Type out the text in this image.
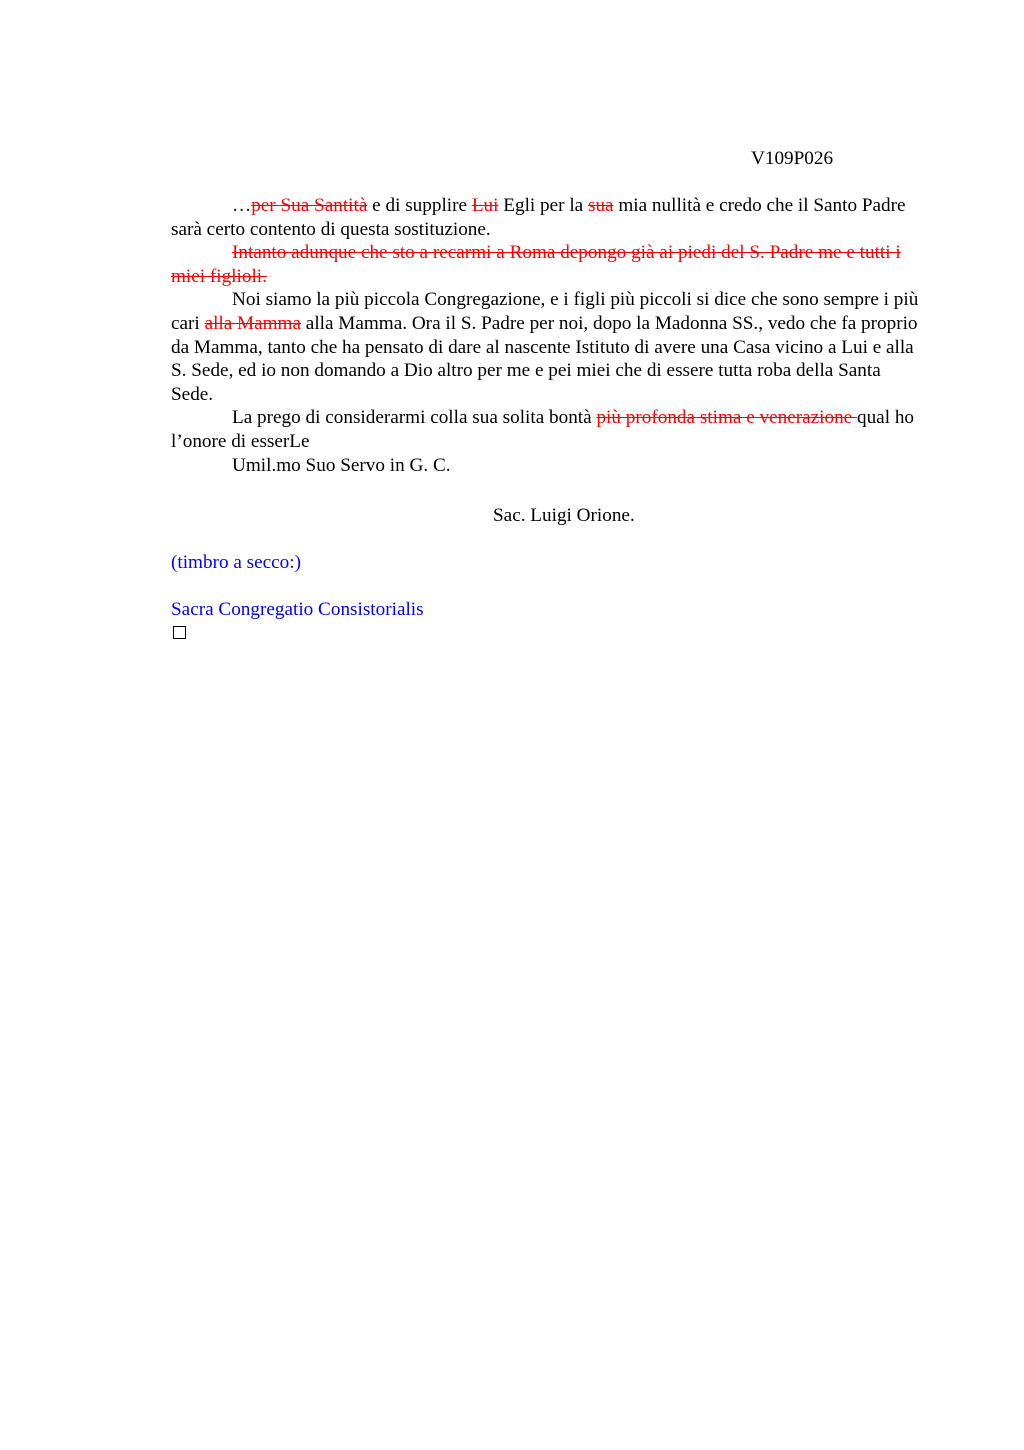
V109P026

…per Sua Santità e di supplire Lui Egli per la sua mia nullità e credo che il Santo Padre sarà certo contento di questa sostituzione.

Intanto adunque che sto a recarmi a Roma depongo già ai piedi del S. Padre me e tutti i miei figlioli.

Noi siamo la più piccola Congregazione, e i figli più piccoli si dice che sono sempre i più cari alla Mamma alla Mamma. Ora il S. Padre per noi, dopo la Madonna SS., vedo che fa proprio da Mamma, tanto che ha pensato di dare al nascente Istituto di avere una Casa vicino a Lui e alla S. Sede, ed io non domando a Dio altro per me e pei miei che di essere tutta roba della Santa Sede.

La prego di considerarmi colla sua solita bontà più profonda stima e venerazione qual ho l’onore di esserLe

Umil.mo Suo Servo in G. C.

Sac. Luigi Orione.
(timbro a secco:)
Sacra Congregatio Consistorialis
